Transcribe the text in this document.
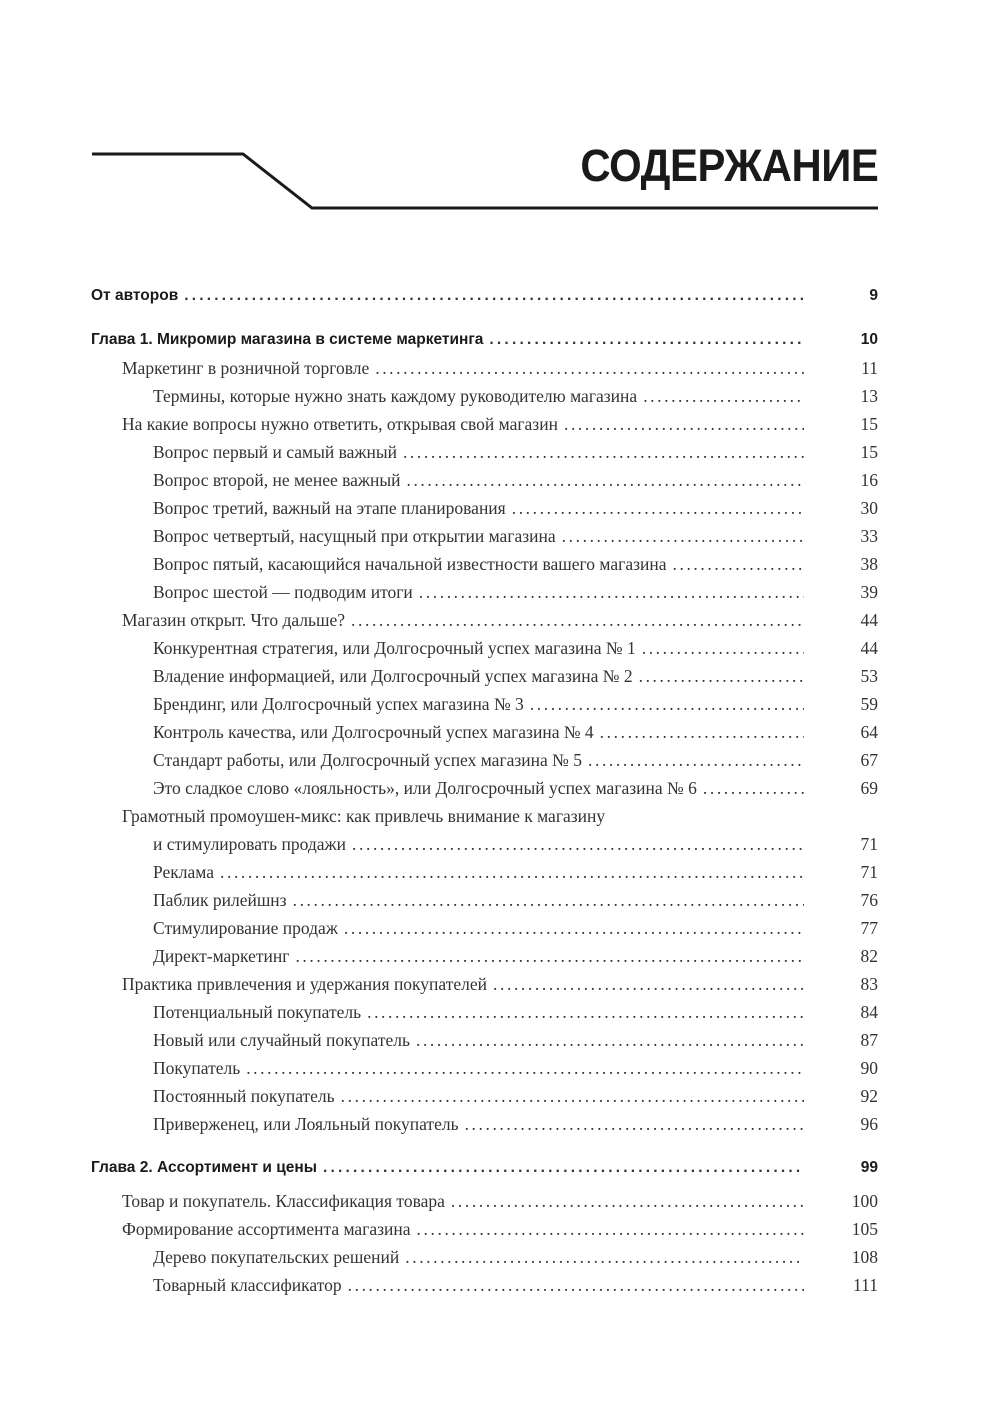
СОДЕРЖАНИЕ
От авторов .....	9
Глава 1. Микромир магазина в системе маркетинга .....	10
Маркетинг в розничной торговле .....	11
Термины, которые нужно знать каждому руководителю магазина .....	13
На какие вопросы нужно ответить, открывая свой магазин .....	15
Вопрос первый и самый важный .....	15
Вопрос второй, не менее важный .....	16
Вопрос третий, важный на этапе планирования .....	30
Вопрос четвертый, насущный при открытии магазина .....	33
Вопрос пятый, касающийся начальной известности вашего магазина .....	38
Вопрос шестой — подводим итоги .....	39
Магазин открыт. Что дальше? .....	44
Конкурентная стратегия, или Долгосрочный успех магазина № 1 .....	44
Владение информацией, или Долгосрочный успех магазина № 2 .....	53
Брендинг, или Долгосрочный успех магазина № 3 .....	59
Контроль качества, или Долгосрочный успех магазина № 4 .....	64
Стандарт работы, или Долгосрочный успех магазина № 5 .....	67
Это сладкое слово «лояльность», или Долгосрочный успех магазина № 6 .....	69
Грамотный промоушен-микс: как привлечь внимание к магазину
и стимулировать продажи .....	71
Реклама .....	71
Паблик рилейшнз .....	76
Стимулирование продаж .....	77
Директ-маркетинг .....	82
Практика привлечения и удержания покупателей .....	83
Потенциальный покупатель .....	84
Новый или случайный покупатель .....	87
Покупатель .....	90
Постоянный покупатель .....	92
Приверженец, или Лояльный покупатель .....	96
Глава 2. Ассортимент и цены .....	99
Товар и покупатель. Классификация товара .....	100
Формирование ассортимента магазина .....	105
Дерево покупательских решений .....	108
Товарный классификатор .....	111
